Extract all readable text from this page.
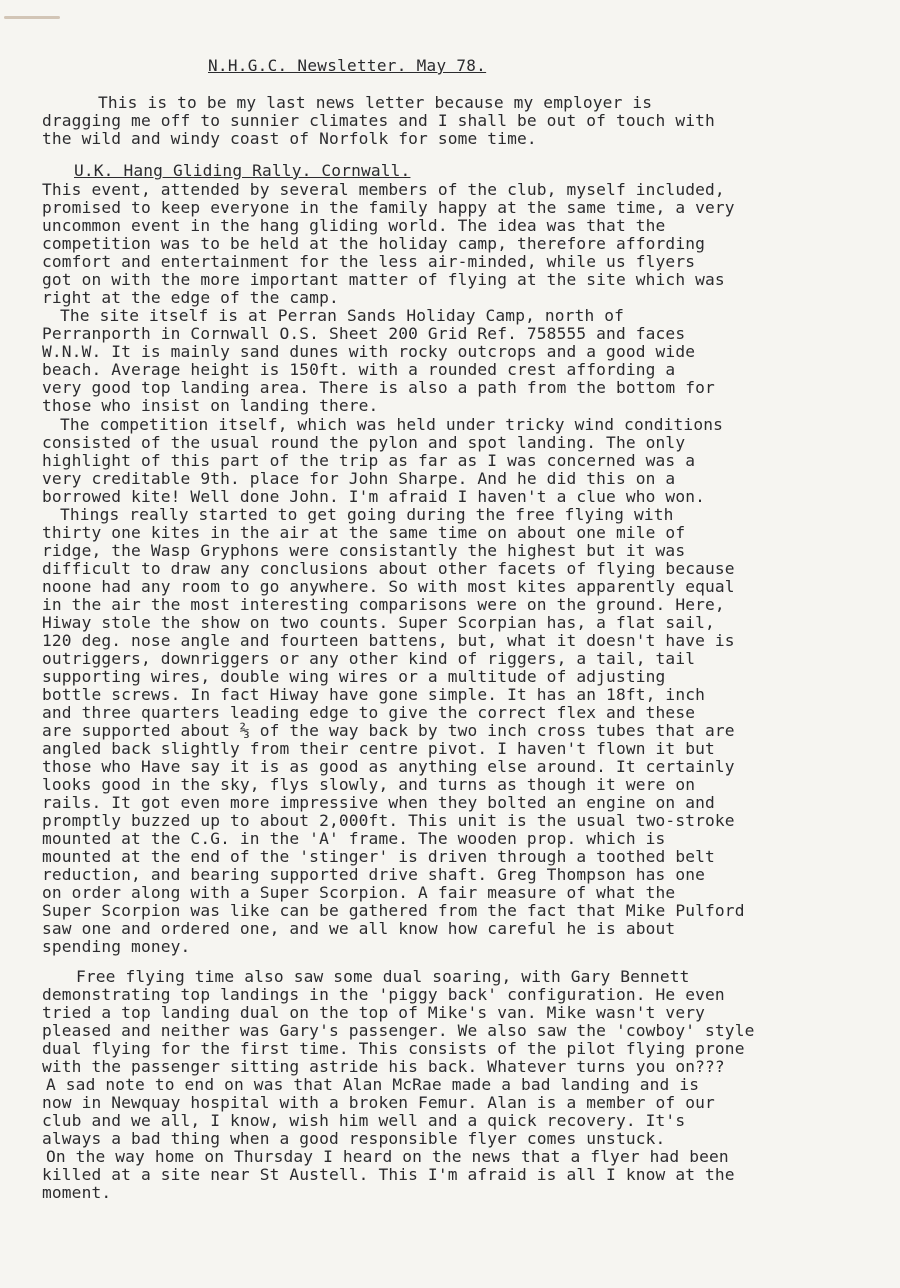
N.H.G.C. Newsletter. May 78.
This is to be my last news letter because my employer is
dragging me off to sunnier climates and I shall be out of touch with
the wild and windy coast of Norfolk for some time.
U.K. Hang Gliding Rally. Cornwall.
This event, attended by several members of the club, myself included,
promised to keep everyone in the family happy at the same time, a very
uncommon event in the hang gliding world. The idea was that the
competition was to be held at the holiday camp, therefore affording
comfort and entertainment for the less air-minded, while us flyers
got on with the more important matter of flying at the site which was
right at the edge of the camp.
The site itself is at Perran Sands Holiday Camp, north of
Perranporth in Cornwall O.S. Sheet 200 Grid Ref. 758555 and faces
W.N.W. It is mainly sand dunes with rocky outcrops and a good wide
beach. Average height is 150ft. with a rounded crest affording a
very good top landing area. There is also a path from the bottom for
those who insist on landing there.
The competition itself, which was held under tricky wind conditions
consisted of the usual round the pylon and spot landing. The only
highlight of this part of the trip as far as I was concerned was a
very creditable 9th. place for John Sharpe. And he did this on a
borrowed kite! Well done John. I'm afraid I haven't a clue who won.
Things really started to get going during the free flying with
thirty one kites in the air at the same time on about one mile of
ridge, the Wasp Gryphons were consistantly the highest but it was
difficult to draw any conclusions about other facets of flying because
noone had any room to go anywhere. So with most kites apparently equal
in the air the most interesting comparisons were on the ground. Here,
Hiway stole the show on two counts. Super Scorpian has, a flat sail,
120 deg. nose angle and fourteen battens, but, what it doesn't have is
outriggers, downriggers or any other kind of riggers, a tail, tail
supporting wires, double wing wires or a multitude of adjusting
bottle screws. In fact Hiway have gone simple. It has an 18ft, inch
and three quarters leading edge to give the correct flex and these
are supported about ⅔ of the way back by two inch cross tubes that are
angled back slightly from their centre pivot. I haven't flown it but
those who Have say it is as good as anything else around. It certainly
looks good in the sky, flys slowly, and turns as though it were on
rails. It got even more impressive when they bolted an engine on and
promptly buzzed up to about 2,000ft. This unit is the usual two-stroke
mounted at the C.G. in the 'A' frame. The wooden prop. which is
mounted at the end of the 'stinger' is driven through a toothed belt
reduction, and bearing supported drive shaft. Greg Thompson has one
on order along with a Super Scorpion. A fair measure of what the
Super Scorpion was like can be gathered from the fact that Mike Pulford
saw one and ordered one, and we all know how careful he is about
spending money.
Free flying time also saw some dual soaring, with Gary Bennett
demonstrating top landings in the 'piggy back' configuration. He even
tried a top landing dual on the top of Mike's van. Mike wasn't very
pleased and neither was Gary's passenger. We also saw the 'cowboy' style
dual flying for the first time. This consists of the pilot flying prone
with the passenger sitting astride his back. Whatever turns you on???
A sad note to end on was that Alan McRae made a bad landing and is
now in Newquay hospital with a broken Femur. Alan is a member of our
club and we all, I know, wish him well and a quick recovery. It's
always a bad thing when a good responsible flyer comes unstuck.
On the way home on Thursday I heard on the news that a flyer had been
killed at a site near St Austell. This I'm afraid is all I know at the
moment.
